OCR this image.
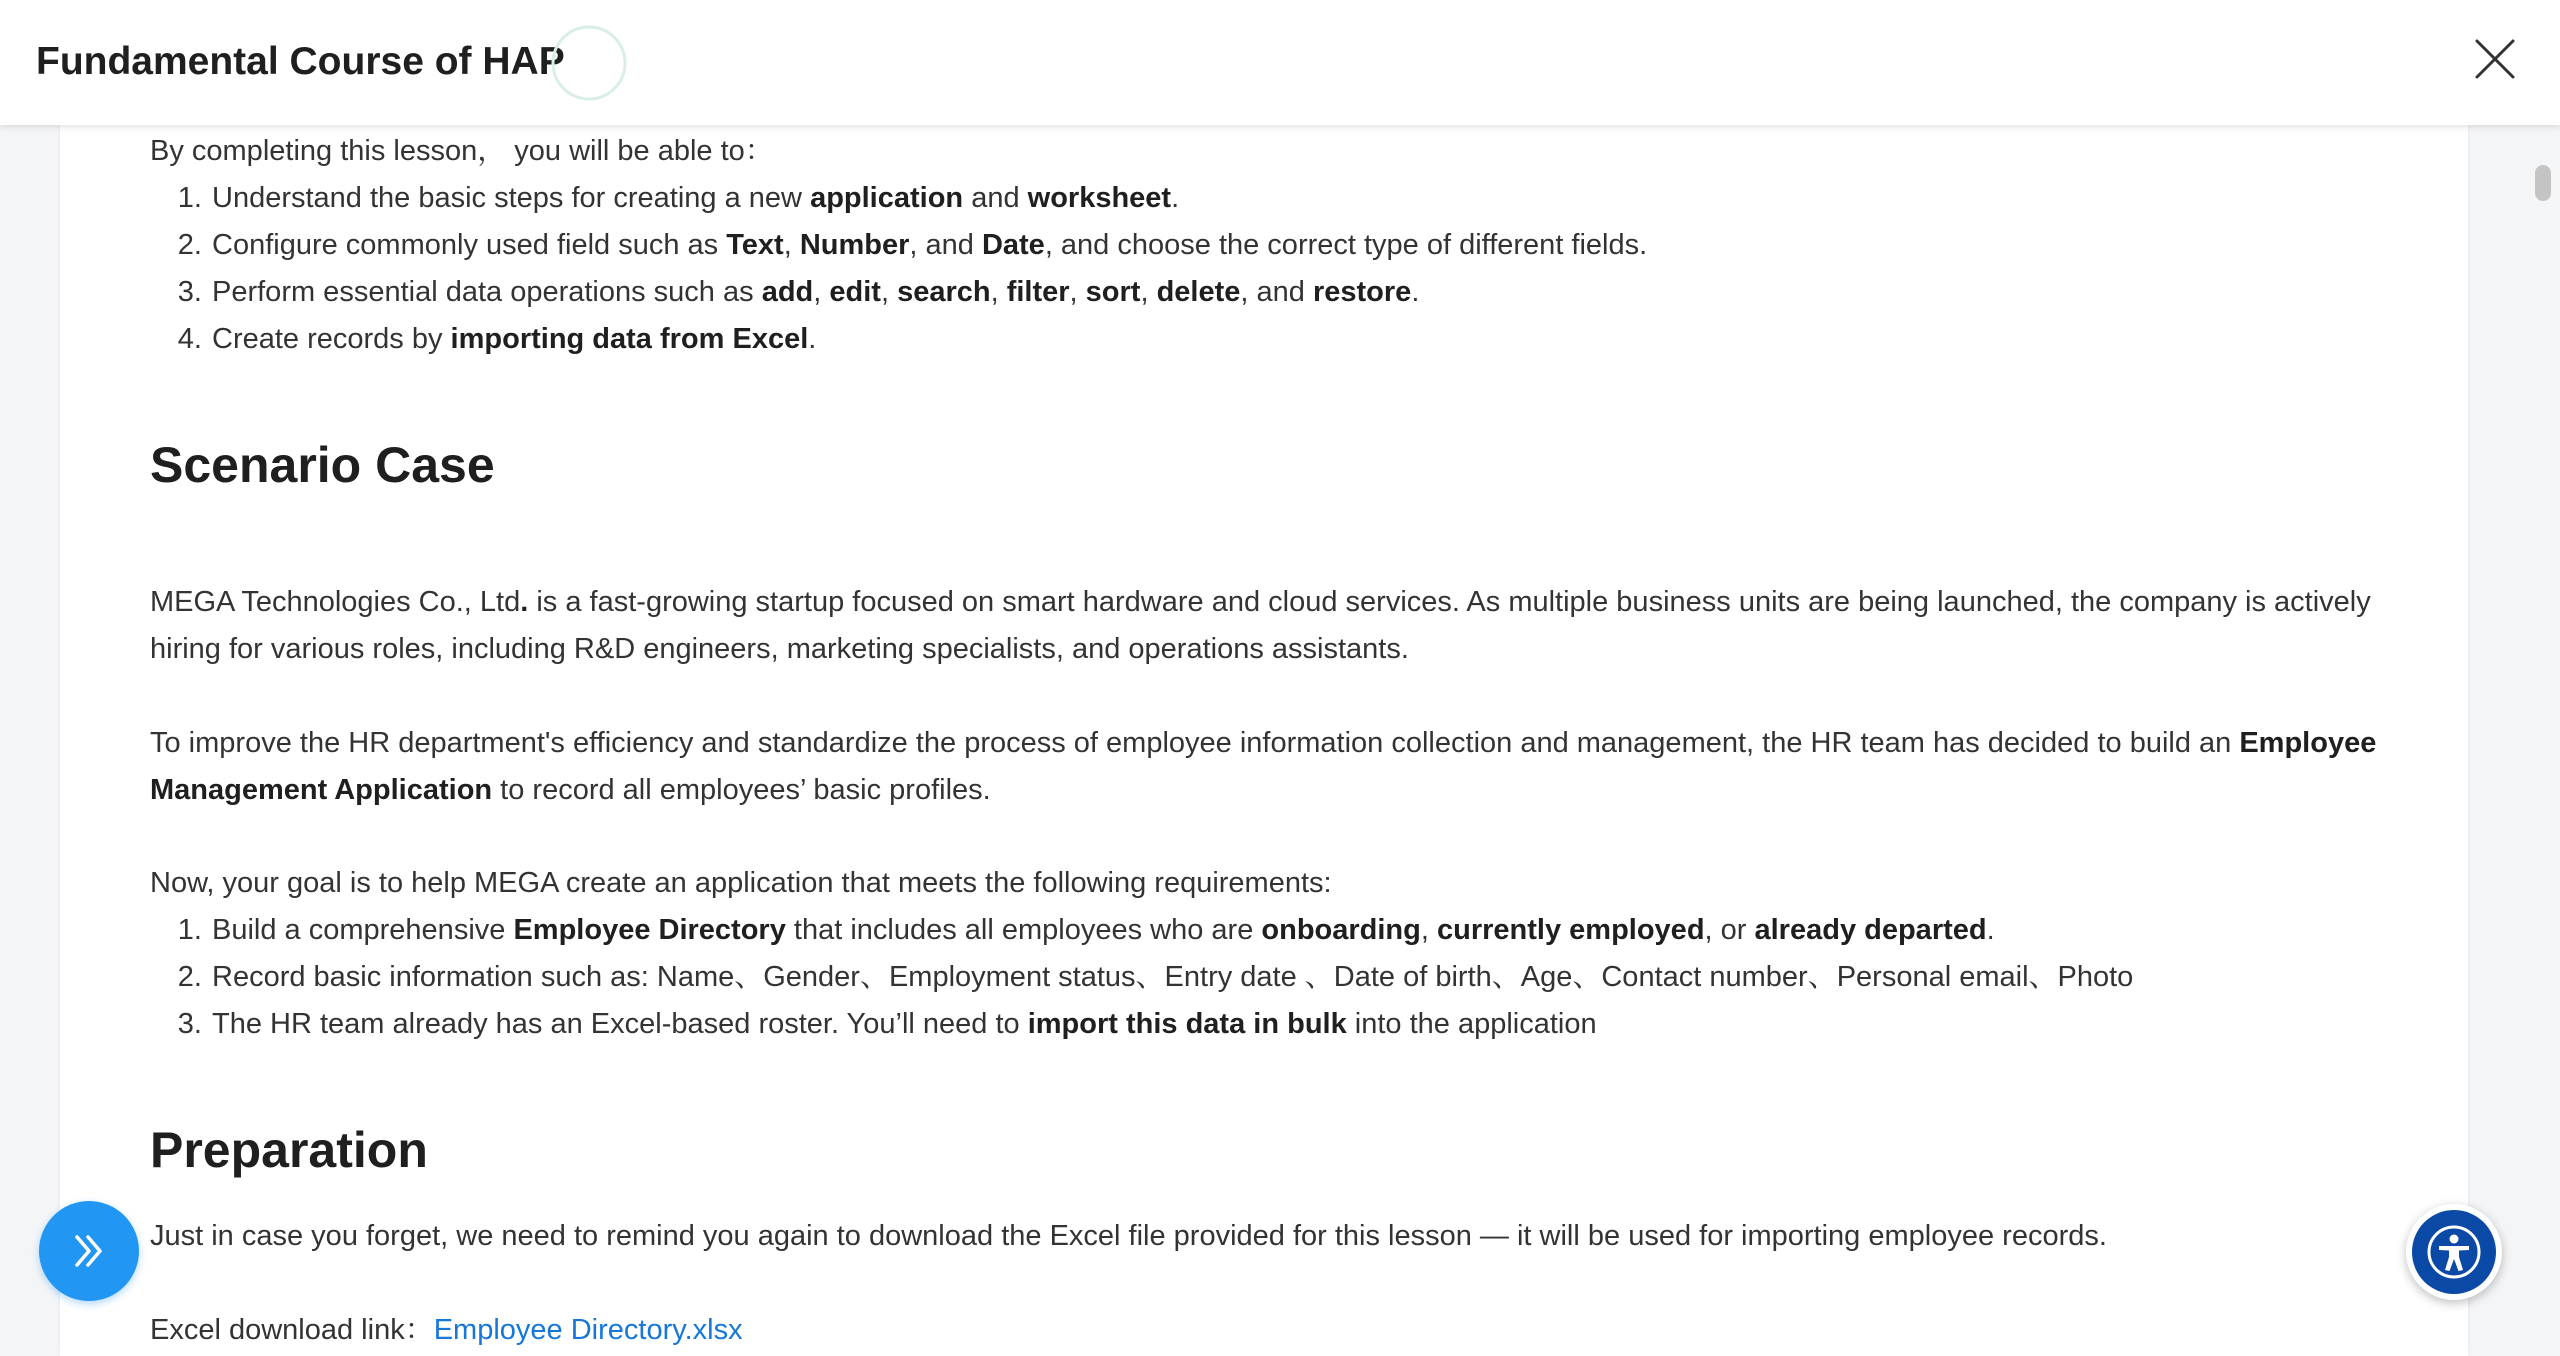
Fundamental Course of HAP

By completing this lesson， you will be able to：

1. Understand the basic steps for creating a new application and worksheet.
2. Configure commonly used field such as Text, Number, and Date, and choose the correct type of different fields.
3. Perform essential data operations such as add, edit, search, filter, sort, delete, and restore.
4. Create records by importing data from Excel.
Scenario Case

MEGA Technologies Co., Ltd. is a fast-growing startup focused on smart hardware and cloud services. As multiple business units are being launched, the company is actively hiring for various roles, including R&D engineers, marketing specialists, and operations assistants.

To improve the HR department's efficiency and standardize the process of employee information collection and management, the HR team has decided to build an Employee Management Application to record all employees’ basic profiles.

Now, your goal is to help MEGA create an application that meets the following requirements:

1. Build a comprehensive Employee Directory that includes all employees who are onboarding, currently employed, or already departed.
2. Record basic information such as: Name、Gender、Employment status、Entry date 、Date of birth、Age、Contact number、Personal email、Photo
3. The HR team already has an Excel-based roster. You’ll need to import this data in bulk into the application
Preparation

Just in case you forget, we need to remind you again to download the Excel file provided for this lesson — it will be used for importing employee records.

Excel download link：Employee Directory.xlsx
